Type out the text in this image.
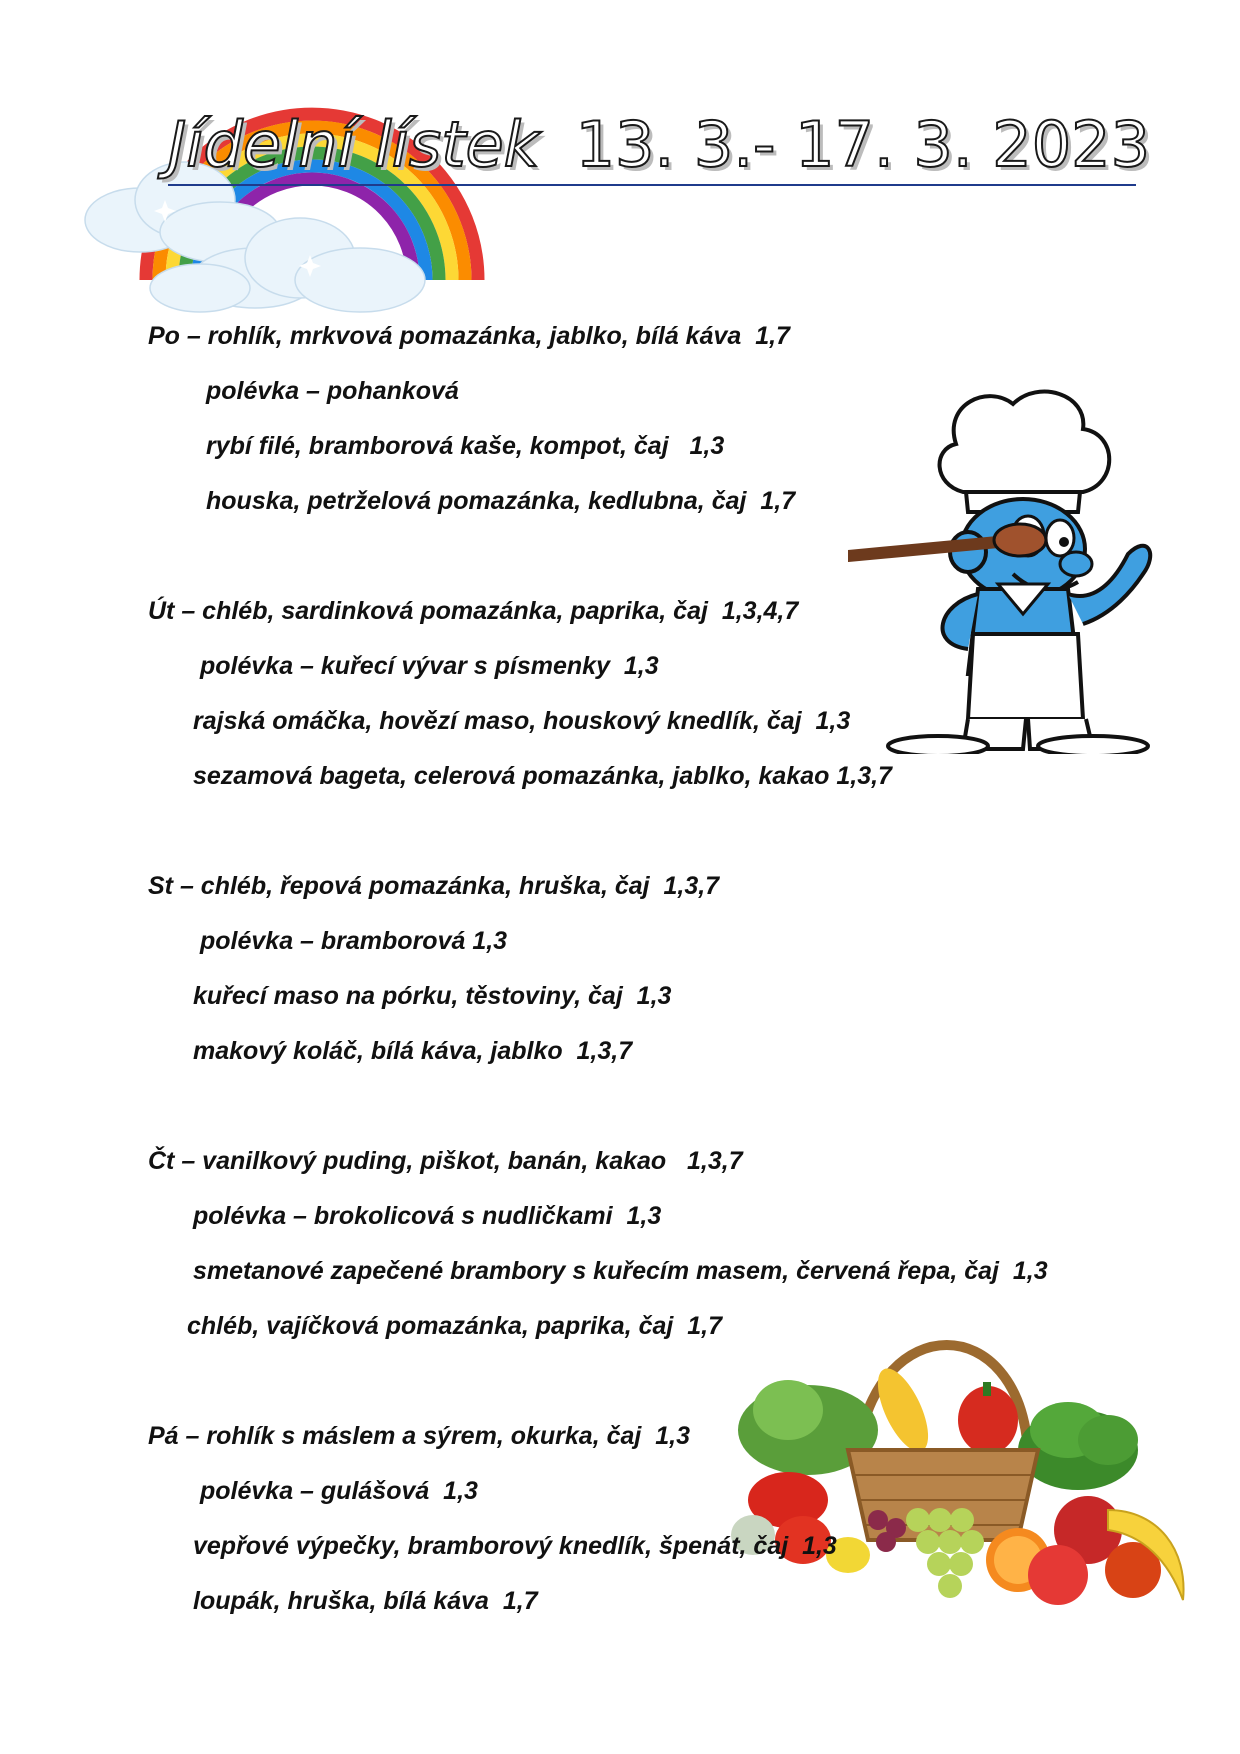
Jídelní lístek 13. 3.- 17. 3. 2023
Po – rohlík, mrkvová pomazánka, jablko, bílá káva  1,7
polévka – pohanková
rybí filé, bramborová kaše, kompot, čaj   1,3
houska, petrželová pomazánka, kedlubna, čaj  1,7
Út – chléb, sardinková pomazánka, paprika, čaj  1,3,4,7
polévka – kuřecí vývar s písmenky  1,3
rajská omáčka, hovězí maso, houskový knedlík, čaj  1,3
sezamová bageta, celerová pomazánka, jablko, kakao 1,3,7
St – chléb, řepová pomazánka, hruška, čaj  1,3,7
polévka – bramborová 1,3
kuřecí maso na pórku, těstoviny, čaj  1,3
makový koláč, bílá káva, jablko  1,3,7
Čt – vanilkový puding, piškot, banán, kakao   1,3,7
polévka – brokolicová s nudličkami  1,3
smetanové zapečené brambory s kuřecím masem, červená řepa, čaj  1,3
chléb, vajíčková pomazánka, paprika, čaj  1,7
Pá – rohlík s máslem a sýrem, okurka, čaj  1,3
polévka – gulášová  1,3
vepřové výpečky, bramborový knedlík, špenát, čaj  1,3
loupák, hruška, bílá káva  1,7
